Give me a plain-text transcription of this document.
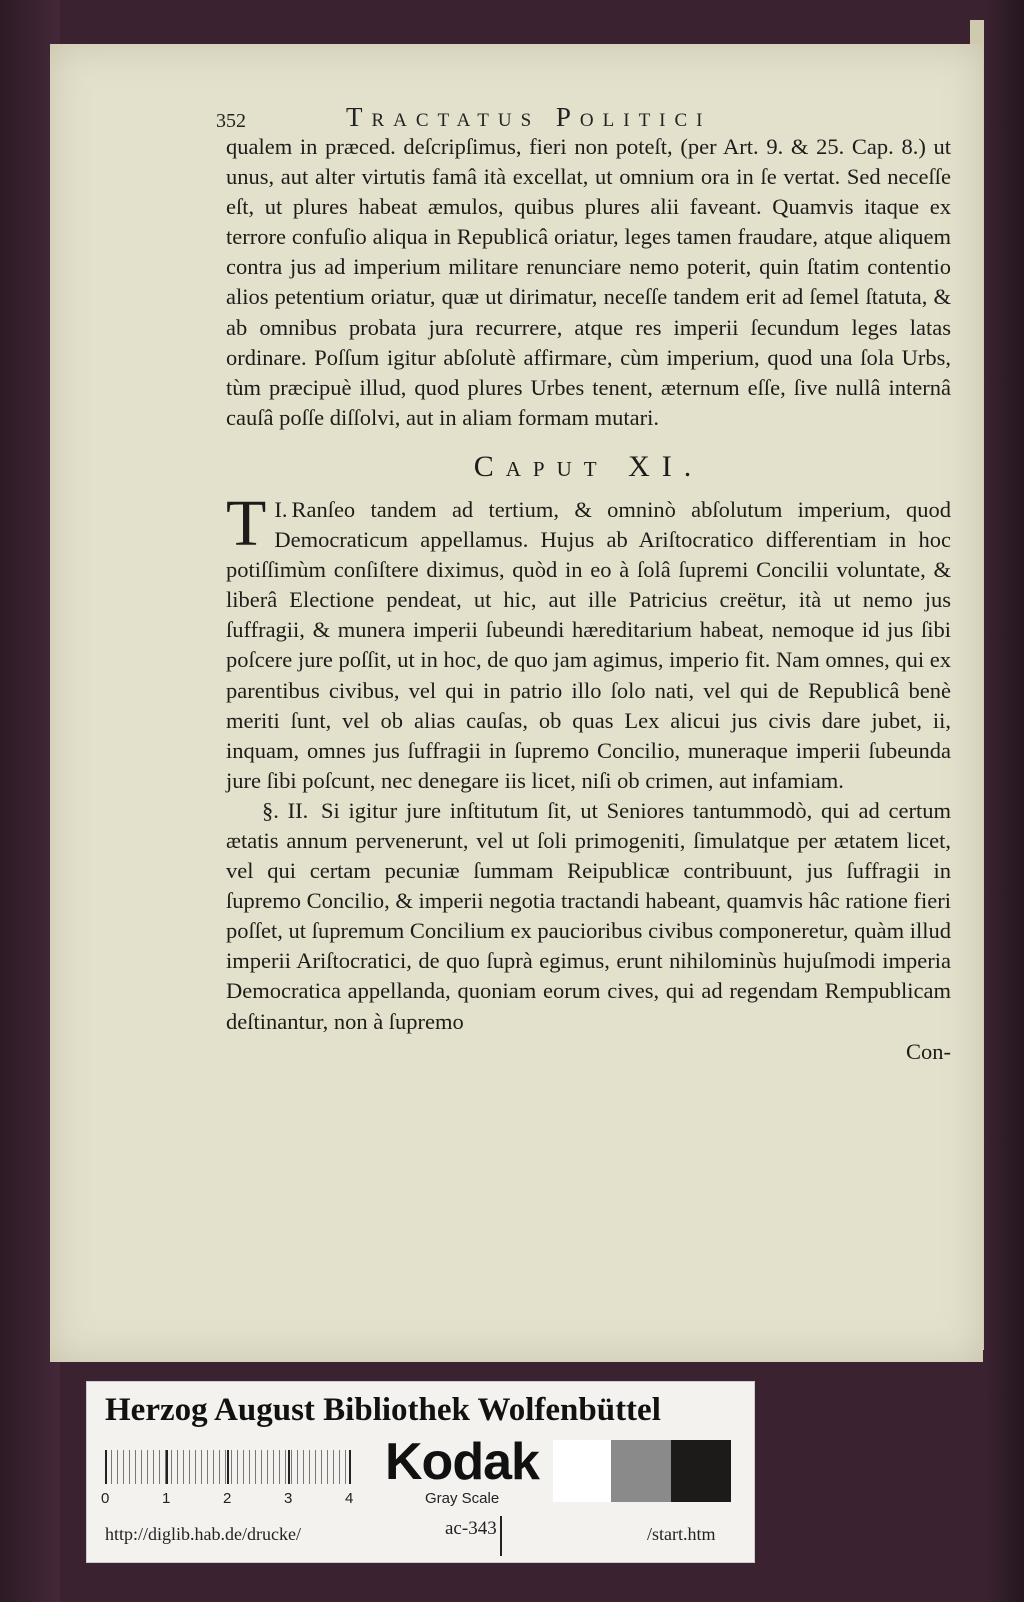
352	Tractatus Politici

qualem in præced. deſcripſimus, fieri non poteſt, (per Art. 9. & 25. Cap. 8.) ut unus, aut alter virtutis famâ ità excellat, ut omnium ora in ſe vertat. Sed neceſſe eſt, ut plures habeat æmulos, quibus plures alii faveant. Quamvis itaque ex terrore confuſio aliqua in Republicâ oriatur, leges tamen fraudare, atque aliquem contra jus ad imperium militare renunciare nemo poterit, quin ſtatim contentio alios petentium oriatur, quæ ut dirimatur, neceſſe tandem erit ad ſemel ſtatuta, & ab omnibus probata jura recurrere, atque res imperii ſecundum leges latas ordinare. Poſſum igitur abſolutè affirmare, cùm imperium, quod una ſola Urbs, tùm præcipuè illud, quod plures Urbes tenent, æternum eſſe, ſive nullâ internâ cauſâ poſſe diſſolvi, aut in aliam formam mutari.

Caput XI.

I.
T Ranſeo tandem ad tertium, & omninò abſolutum imperium, quod Democraticum appellamus. Hujus ab Ariſtocratico differentiam in hoc potiſſimùm conſiſtere diximus, quòd in eo à ſolâ ſupremi Concilii voluntate, & liberâ Electione pendeat, ut hic, aut ille Patricius creëtur, ità ut nemo jus ſuffragii, & munera imperii ſubeundi hæreditarium habeat, nemoque id jus ſibi poſcere jure poſſit, ut in hoc, de quo jam agimus, imperio fit. Nam omnes, qui ex parentibus civibus, vel qui in patrio illo ſolo nati, vel qui de Republicâ benè meriti ſunt, vel ob alias cauſas, ob quas Lex alicui jus civis dare jubet, ii, inquam, omnes jus ſuffragii in ſupremo Concilio, muneraque imperii ſubeunda jure ſibi poſcunt, nec denegare iis licet, niſi ob crimen, aut infamiam.

§. II. Si igitur jure inſtitutum ſit, ut Seniores tantummodò, qui ad certum ætatis annum pervenerunt, vel ut ſoli primogeniti, ſimulatque per ætatem licet, vel qui certam pecuniæ ſummam Reipublicæ contribuunt, jus ſuffragii in ſupremo Concilio, & imperii negotia tractandi habeant, quamvis hâc ratione fieri poſſet, ut ſupremum Concilium ex paucioribus civibus componeretur, quàm illud imperii Ariſtocratici, de quo ſuprà egimus, erunt nihilominùs hujuſmodi imperia Democratica appellanda, quoniam eorum cives, qui ad regendam Rempublicam deſtinantur, non à ſupremo

Con-

Herzog August Bibliothek Wolfenbüttel
0	1	2	3	4
Kodak
Gray Scale
http://diglib.hab.de/drucke/	ac-343	/start.htm
